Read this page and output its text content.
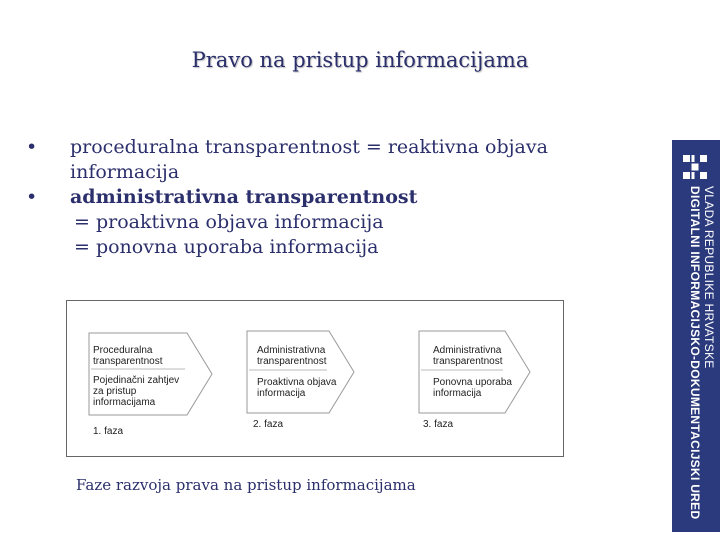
Pravo na pristup informacijama
• proceduralna transparentnost = reaktivna objava
informacija
• administrativna transparentnost
= proaktivna objava informacija
= ponovna uporaba informacija
Proceduralna
transparentnost
Pojedinačni zahtjev
za pristup
informacijama
1. faza
Administrativna
transparentnost
Proaktivna objava
informacija
2. faza
Administrativna
transparentnost
Ponovna uporaba
informacija
3. faza
Faze razvoja prava na pristup informacijama
VLADA REPUBLIKE HRVATSKE
DIGITALNI INFORMACIJSKO-DOKUMENTACIJSKI URED
